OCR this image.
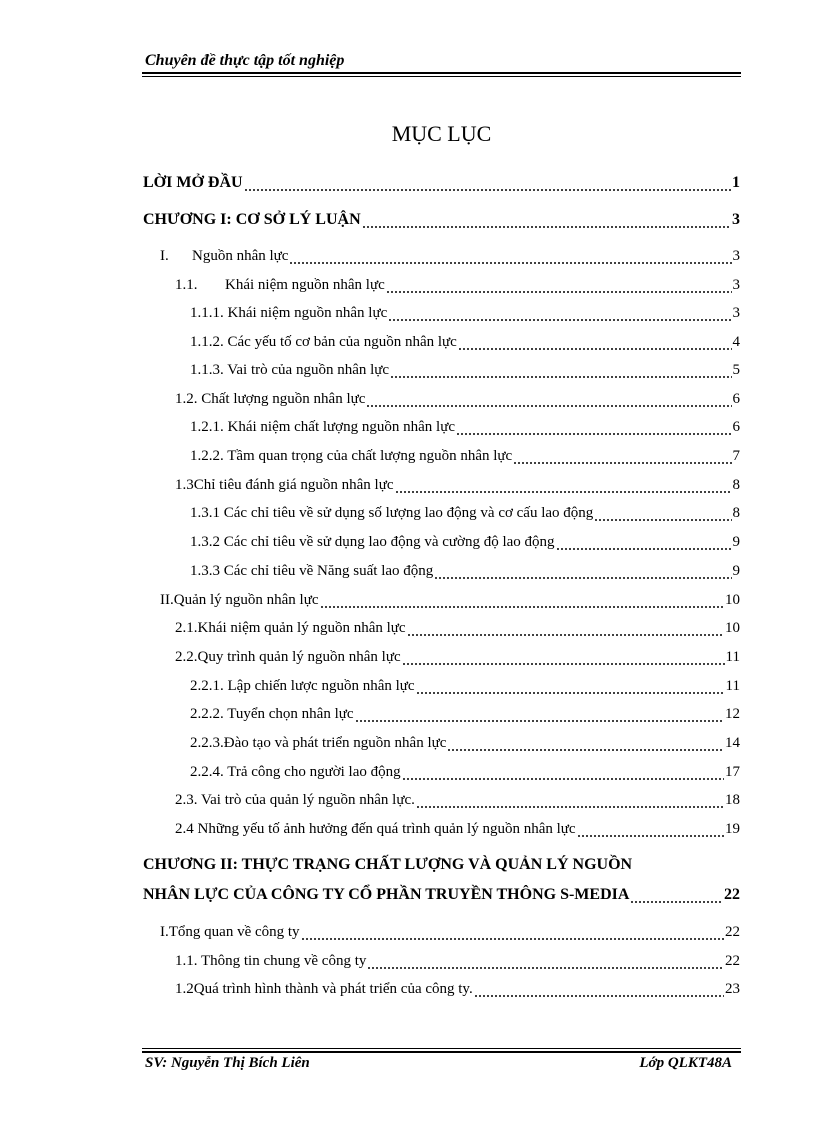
Chuyên đề thực tập tốt nghiệp
MỤC LỤC
LỜI MỞ ĐẦU	1
CHƯƠNG I: CƠ SỞ LÝ LUẬN	3
I. Nguồn nhân lực	3
1.1. Khái niệm nguồn nhân lực	3
1.1.1. Khái niệm nguồn nhân lực	3
1.1.2. Các yếu tố cơ bản của nguồn nhân lực	4
1.1.3. Vai trò của nguồn nhân lực	5
1.2. Chất lượng nguồn nhân lực	6
1.2.1. Khái niệm chất lượng nguồn nhân lực	6
1.2.2. Tầm quan trọng của chất lượng nguồn nhân lực	7
1.3Chỉ tiêu đánh giá nguồn nhân lực	8
1.3.1 Các chỉ tiêu về sử dụng số lượng lao động và cơ cấu lao động	8
1.3.2 Các chỉ tiêu về sử dụng lao động và cường độ lao động	9
1.3.3 Các chỉ tiêu về Năng suất lao động	9
II.Quản lý nguồn nhân lực	10
2.1.Khái niệm quản lý nguồn nhân lực	10
2.2.Quy trình quản lý nguồn nhân lực	11
2.2.1. Lập chiến lược nguồn nhân lực	11
2.2.2. Tuyển chọn nhân lực	12
2.2.3.Đào tạo và phát triển nguồn nhân lực	14
2.2.4. Trả công cho người lao động	17
2.3. Vai trò của quản lý nguồn nhân lực.	18
2.4 Những yếu tố ảnh hưởng đến quá trình quản lý nguồn nhân lực	19
CHƯƠNG II: THỰC TRẠNG CHẤT LƯỢNG VÀ QUẢN LÝ NGUỒN
NHÂN LỰC CỦA CÔNG TY CỔ PHẦN TRUYỀN THÔNG S-MEDIA	22
I.Tổng quan về công ty	22
1.1. Thông tin chung về công ty	22
1.2Quá trình hình thành và phát triển của công ty.	23
SV: Nguyễn Thị Bích Liên	Lớp QLKT48A
